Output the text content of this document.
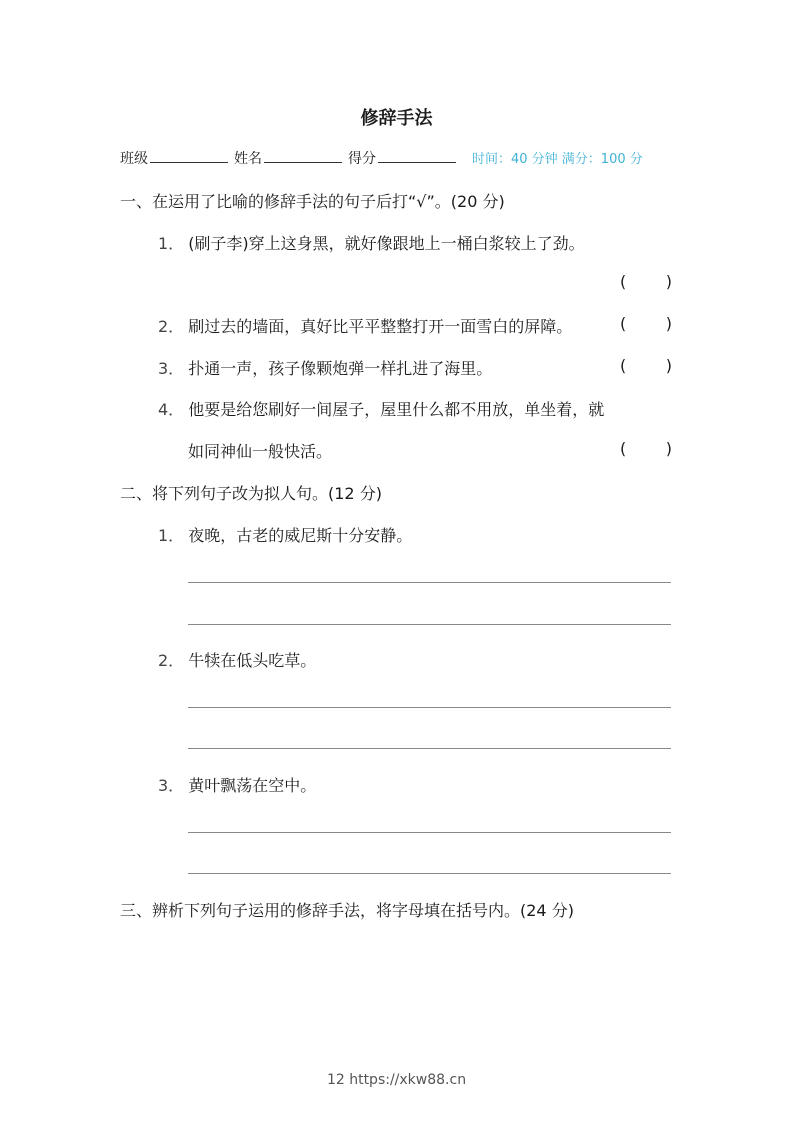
修辞手法
班级	姓名	得分	时间：40 分钟 满分：100 分
一、在运用了比喻的修辞手法的句子后打“√”。(20 分)
1． (刷子李)穿上这身黑，就好像跟地上一桶白浆较上了劲。
( )
2． 刷过去的墙面，真好比平平整整打开一面雪白的屏障。	( )
3． 扑通一声，孩子像颗炮弹一样扎进了海里。	( )
4． 他要是给您刷好一间屋子，屋里什么都不用放，单坐着，就
如同神仙一般快活。	( )
二、将下列句子改为拟人句。(12 分)
1． 夜晚，古老的威尼斯十分安静。
2． 牛犊在低头吃草。
3． 黄叶飘荡在空中。
三、辨析下列句子运用的修辞手法，将字母填在括号内。(24 分)
12 https://xkw88.cn
